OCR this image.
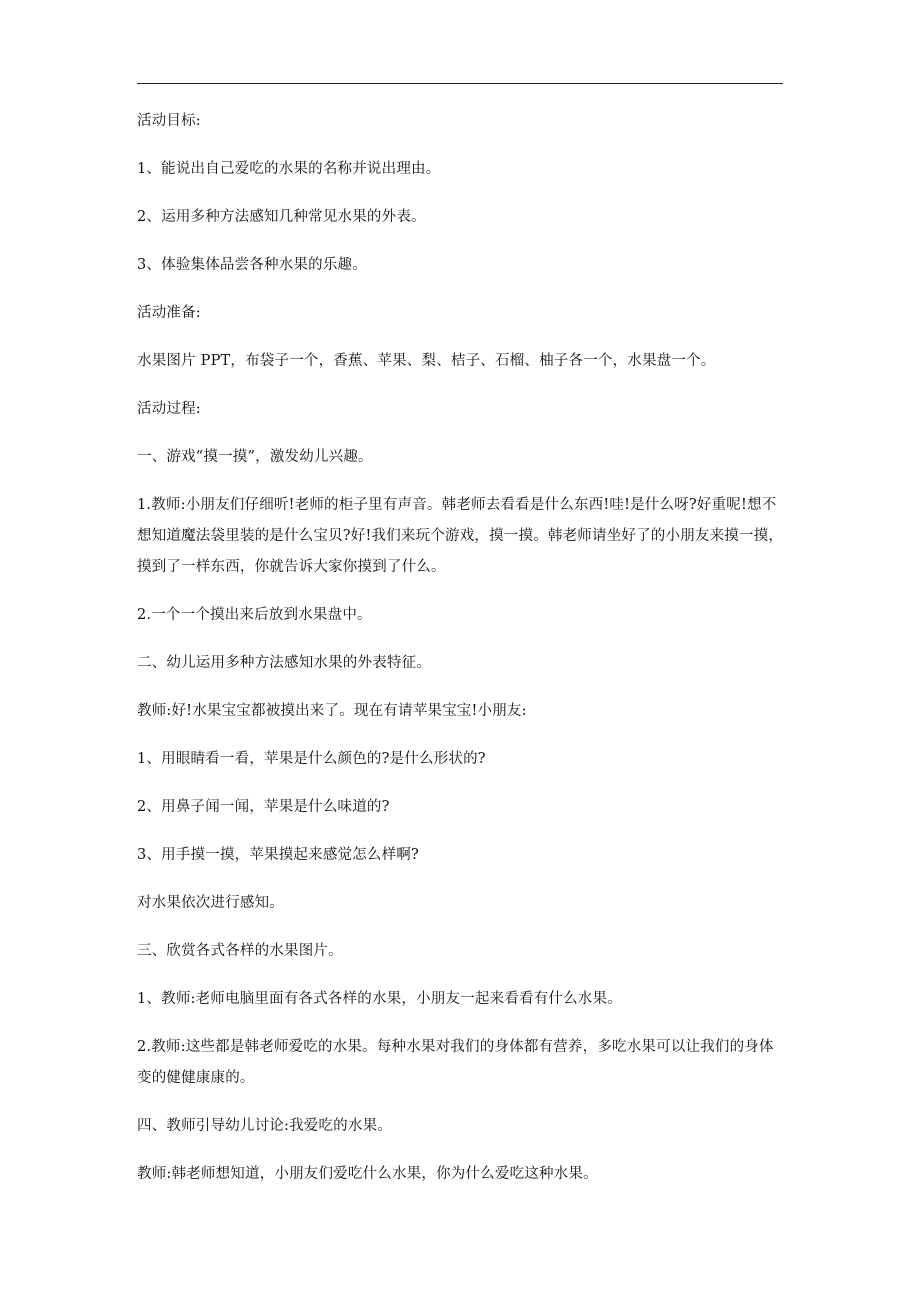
活动目标:

1、能说出自己爱吃的水果的名称并说出理由。

2、运用多种方法感知几种常见水果的外表。

3、体验集体品尝各种水果的乐趣。

活动准备:

水果图片 PPT，布袋子一个，香蕉、苹果、梨、桔子、石榴、柚子各一个，水果盘一个。

活动过程:

一、游戏“摸一摸”，激发幼儿兴趣。

1.教师:小朋友们仔细听!老师的柜子里有声音。韩老师去看看是什么东西!哇!是什么呀?好重呢!想不想知道魔法袋里装的是什么宝贝?好!我们来玩个游戏，摸一摸。韩老师请坐好了的小朋友来摸一摸，摸到了一样东西，你就告诉大家你摸到了什么。

2.一个一个摸出来后放到水果盘中。

二、幼儿运用多种方法感知水果的外表特征。

教师:好!水果宝宝都被摸出来了。现在有请苹果宝宝!小朋友:

1、用眼睛看一看，苹果是什么颜色的?是什么形状的?

2、用鼻子闻一闻，苹果是什么味道的?

3、用手摸一摸，苹果摸起来感觉怎么样啊?

对水果依次进行感知。

三、欣赏各式各样的水果图片。

1、教师:老师电脑里面有各式各样的水果，小朋友一起来看看有什么水果。

2.教师:这些都是韩老师爱吃的水果。每种水果对我们的身体都有营养，多吃水果可以让我们的身体变的健健康康的。

四、教师引导幼儿讨论:我爱吃的水果。

教师:韩老师想知道，小朋友们爱吃什么水果，你为什么爱吃这种水果。
